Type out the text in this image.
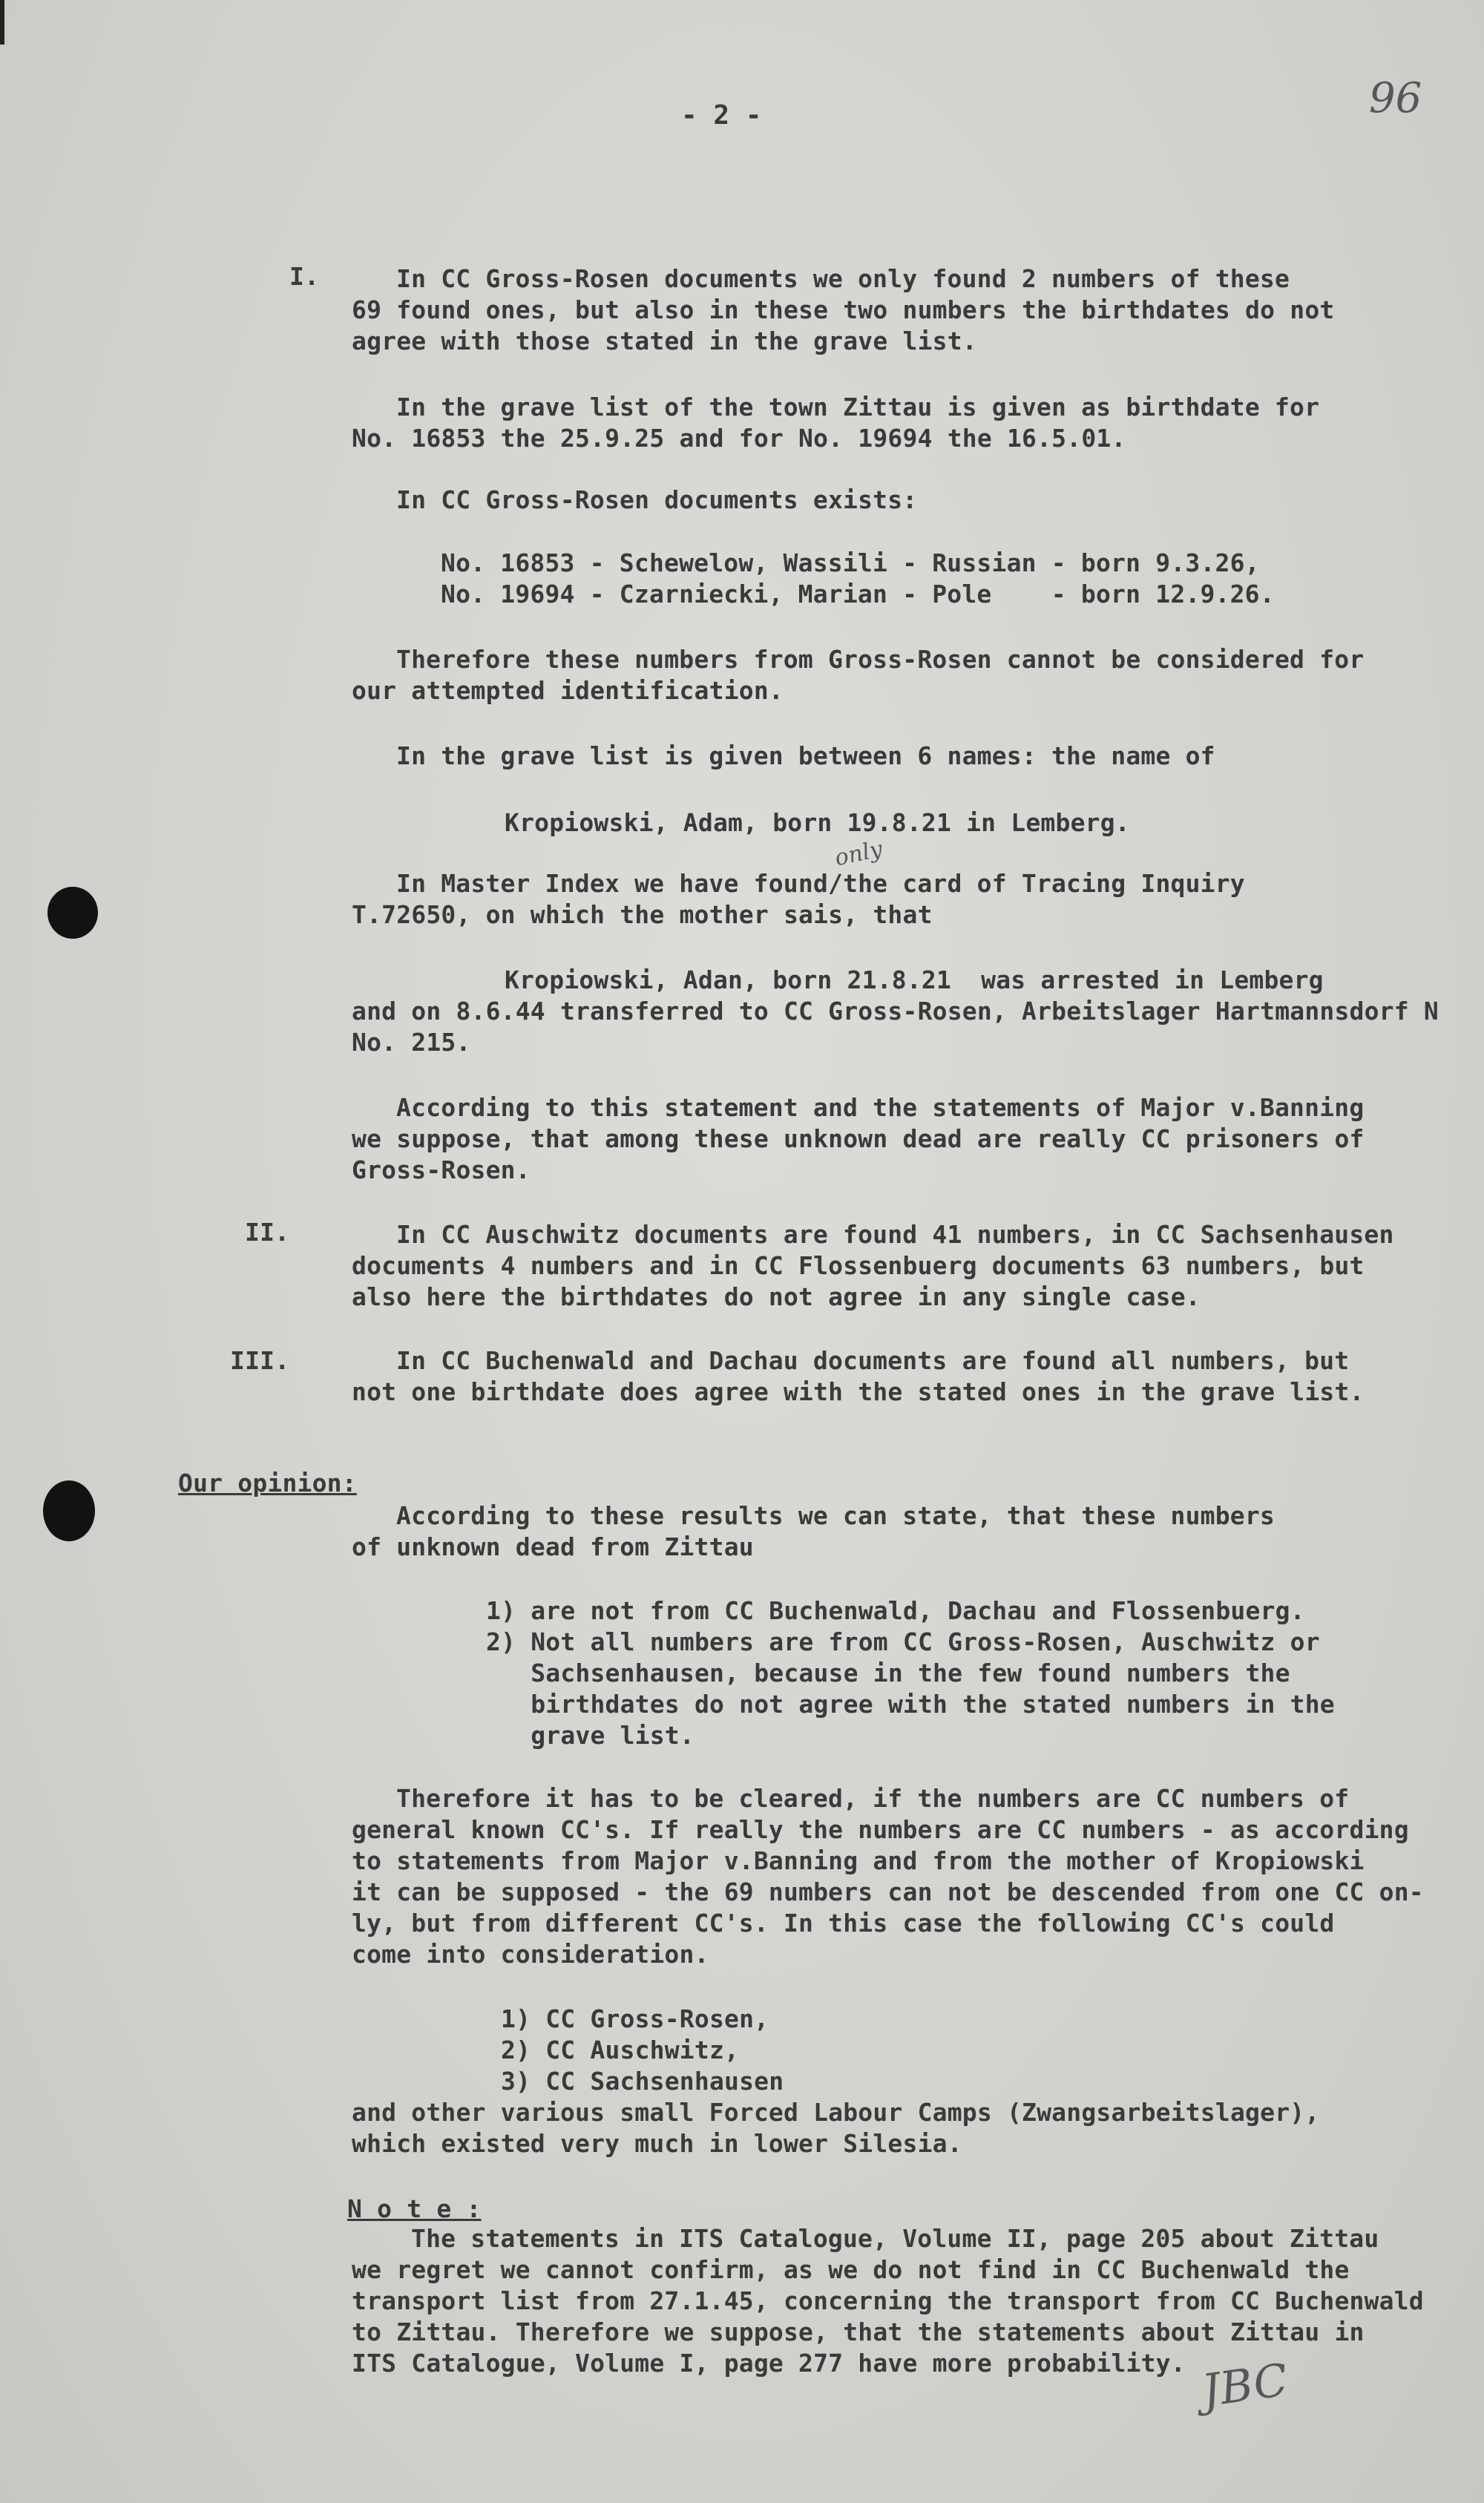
- 2 -	96
I.	In CC Gross-Rosen documents we only found 2 numbers of these
69 found ones, but also in these two numbers the birthdates do not
agree with those stated in the grave list.
In the grave list of the town Zittau is given as birthdate for
No. 16853 the 25.9.25 and for No. 19694 the 16.5.01.
In CC Gross-Rosen documents exists:
No. 16853 - Schewelow, Wassili - Russian - born 9.3.26,
No. 19694 - Czarniecki, Marian - Pole    - born 12.9.26.
Therefore these numbers from Gross-Rosen cannot be considered for
our attempted identification.
In the grave list is given between 6 names: the name of
Kropiowski, Adam, born 19.8.21 in Lemberg.
only
In Master Index we have found/the card of Tracing Inquiry
T.72650, on which the mother sais, that
Kropiowski, Adan, born 21.8.21  was arrested in Lemberg
and on 8.6.44 transferred to CC Gross-Rosen, Arbeitslager Hartmannsdorf N
No. 215.
According to this statement and the statements of Major v.Banning
we suppose, that among these unknown dead are really CC prisoners of
Gross-Rosen.
II.	In CC Auschwitz documents are found 41 numbers, in CC Sachsenhausen
documents 4 numbers and in CC Flossenbuerg documents 63 numbers, but
also here the birthdates do not agree in any single case.
III.	In CC Buchenwald and Dachau documents are found all numbers, but
not one birthdate does agree with the stated ones in the grave list.
Our opinion:
According to these results we can state, that these numbers
of unknown dead from Zittau
1) are not from CC Buchenwald, Dachau and Flossenbuerg.
2) Not all numbers are from CC Gross-Rosen, Auschwitz or
Sachsenhausen, because in the few found numbers the
birthdates do not agree with the stated numbers in the
grave list.
Therefore it has to be cleared, if the numbers are CC numbers of
general known CC's. If really the numbers are CC numbers - as according
to statements from Major v.Banning and from the mother of Kropiowski
it can be supposed - the 69 numbers can not be descended from one CC on-
ly, but from different CC's. In this case the following CC's could
come into consideration.
1) CC Gross-Rosen,
2) CC Auschwitz,
3) CC Sachsenhausen
and other various small Forced Labour Camps (Zwangsarbeitslager),
which existed very much in lower Silesia.
N o t e :
The statements in ITS Catalogue, Volume II, page 205 about Zittau
we regret we cannot confirm, as we do not find in CC Buchenwald the
transport list from 27.1.45, concerning the transport from CC Buchenwald
to Zittau. Therefore we suppose, that the statements about Zittau in
ITS Catalogue, Volume I, page 277 have more probability. JBC
